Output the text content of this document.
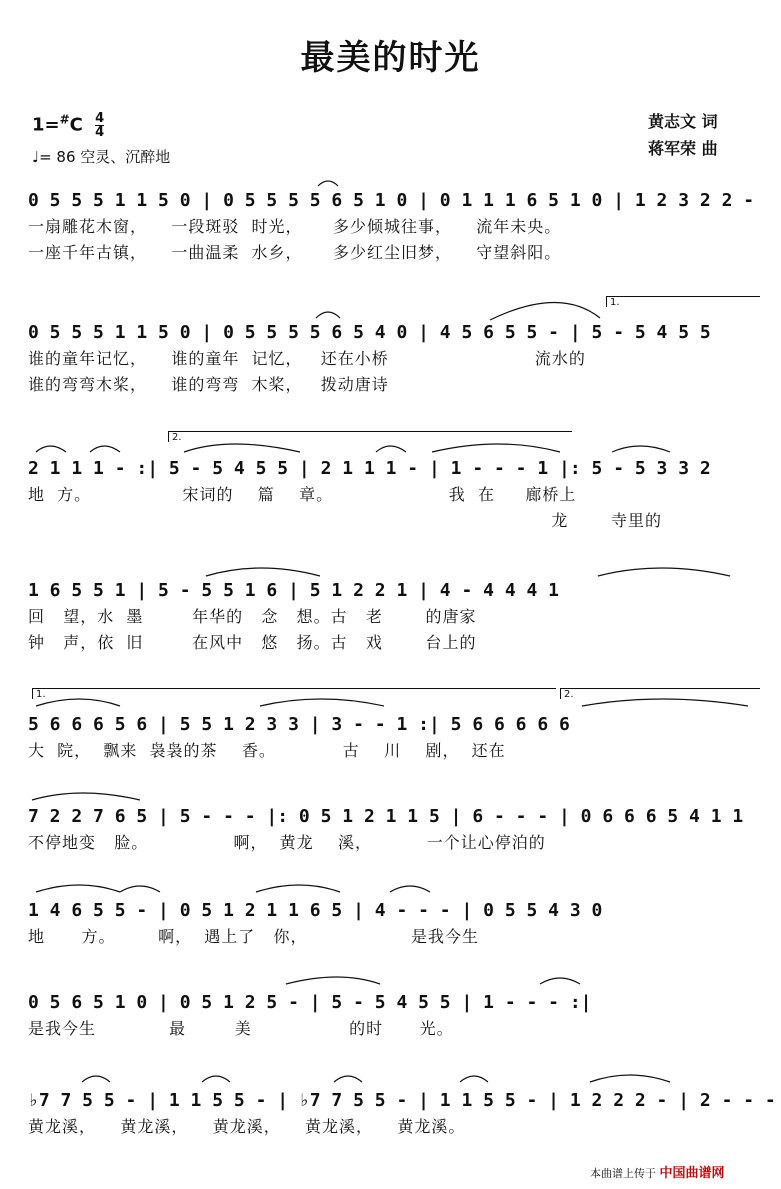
最美的时光
$1=^{\#}C \frac{4}{4}$
♩= 86 空灵、沉醉地
黄志文 词
蒋军荣 曲
1.
2.
1.	2.
0 5 5 5 1 1 5 0 | 0 5 5 5 5 6 5 1 0 | 0 1 1 1 6 5 1 0 | 1 2 3 2 2 -
一扇雕花木窗，    一段斑驳  时光，     多少倾城往事，    流年未央。
一座千年古镇，    一曲温柔  水乡，     多少红尘旧梦，    守望斜阳。
0 5 5 5 1 1 5 0 | 0 5 5 5 5 6 5 4 0 | 4 5 6 5 5 - | 5 - 5 4 5 5
谁的童年记忆，    谁的童年  记忆，   还在小桥                        流水的
谁的弯弯木桨，    谁的弯弯  木桨，   拨动唐诗
2 1 1 1 - :| 5 - 5 4 5 5 | 2 1 1 1 - | 1 - - - 1 |: 5 - 5 3 3 2
地  方。               宋词的    篇    章。                   我  在     廊桥上
龙       寺里的
1 6 5 5 1 | 5 - 5 5 1 6 | 5 1 2 2 1 | 4 - 4 4 4 1
回   望，水  墨        年华的   念   想。古   老       的唐家
钟   声，依  旧        在风中   悠   扬。古   戏       台上的
5 6 6 6 5 6 | 5 5 1 2 3 3 | 3 - - 1 :| 5 6 6 6 6 6
大  院，  飘来  袅袅的茶    香。           古    川    剧，  还在
7 2 2 7 6 5 | 5 - - - |: 0 5 1 2 1 1 5 | 6 - - - | 0 6 6 6 5 4 1 1
不停地变   脸。              啊，  黄龙    溪，         一个让心停泊的
1 4 6 5 5 - | 0 5 1 2 1 1 6 5 | 4 - - - | 0 5 5 4 3 0
地      方。       啊，  遇上了   你，                 是我今生
0 5 6 5 1 0 | 0 5 1 2 5 - | 5 - 5 4 5 5 | 1 - - - :|
是我今生            最        美                的时      光。
♭7 7 5 5 - | 1 1 5 5 - | ♭7 7 5 5 - | 1 1 5 5 - | 1 2 2 2 - | 2 - - -
黄龙溪，    黄龙溪，    黄龙溪，    黄龙溪，    黄龙溪。
本曲谱上传于 中国曲谱网
